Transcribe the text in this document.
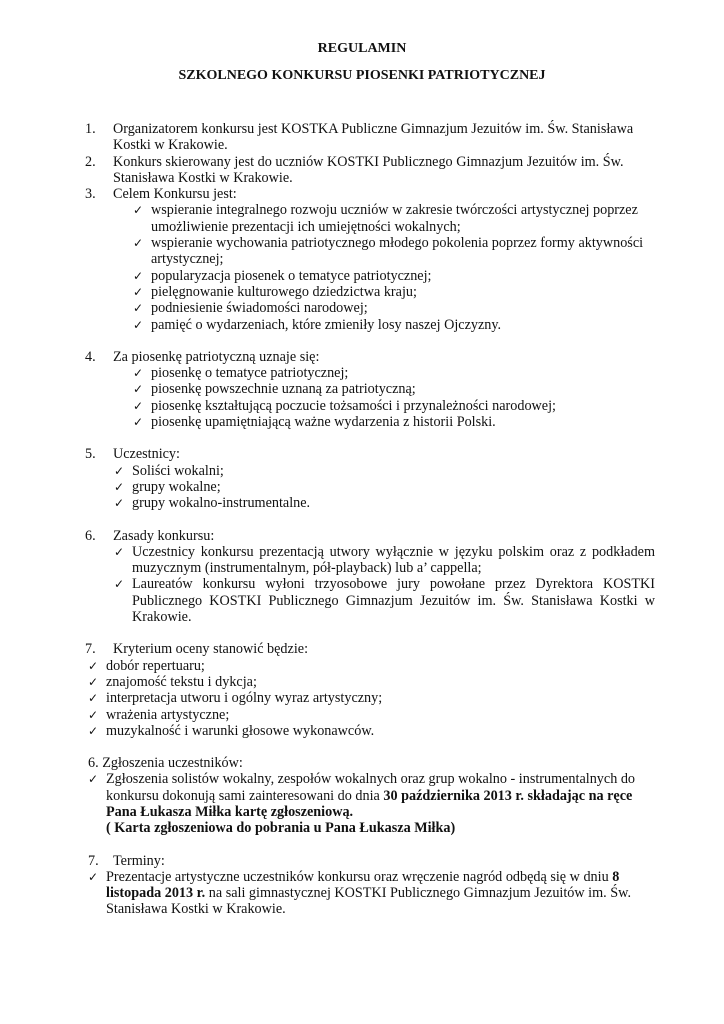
REGULAMIN
SZKOLNEGO KONKURSU PIOSENKI PATRIOTYCZNEJ
1.	Organizatorem konkursu jest KOSTKA Publiczne Gimnazjum Jezuitów im. Św. Stanisława Kostki w Krakowie.
2.	Konkurs skierowany jest do uczniów KOSTKI Publicznego Gimnazjum Jezuitów im. Św. Stanisława Kostki w Krakowie.
3.	Celem Konkursu jest:
✓ wspieranie integralnego rozwoju uczniów w zakresie twórczości artystycznej poprzez umożliwienie prezentacji ich umiejętności wokalnych;
✓ wspieranie wychowania patriotycznego młodego pokolenia poprzez formy aktywności artystycznej;
✓ popularyzacja piosenek o tematyce patriotycznej;
✓ pielęgnowanie kulturowego dziedzictwa kraju;
✓ podniesienie świadomości narodowej;
✓ pamięć o wydarzeniach, które zmieniły losy naszej Ojczyzny.
4.	Za piosenkę patriotyczną uznaje się:
✓ piosenkę o tematyce patriotycznej;
✓ piosenkę powszechnie uznaną za patriotyczną;
✓ piosenkę kształtującą poczucie tożsamości i przynależności narodowej;
✓ piosenkę upamiętniającą ważne wydarzenia z historii Polski.
5.	Uczestnicy:
✓ Soliści wokalni;
✓ grupy wokalne;
✓ grupy wokalno-instrumentalne.
6.	Zasady konkursu:
✓ Uczestnicy konkursu prezentacją utwory wyłącznie w języku polskim oraz z podkładem muzycznym (instrumentalnym, pół-playback) lub a’ cappella;
✓ Laureatów konkursu wyłoni trzyosobowe jury powołane przez Dyrektora KOSTKI Publicznego KOSTKI Publicznego Gimnazjum Jezuitów im. Św. Stanisława Kostki w Krakowie.
7.	Kryterium oceny stanowić będzie:
✓ dobór repertuaru;
✓ znajomość tekstu i dykcja;
✓ interpretacja utworu i ogólny wyraz artystyczny;
✓ wrażenia artystyczne;
✓ muzykalność i warunki głosowe wykonawców.
6. Zgłoszenia uczestników:
✓ Zgłoszenia solistów wokalny, zespołów wokalnych oraz grup wokalno - instrumentalnych do konkursu dokonują sami zainteresowani do dnia 30 października 2013 r. składając na ręce Pana Łukasza Miłka kartę zgłoszeniową.
( Karta zgłoszeniowa do pobrania u Pana Łukasza Miłka)
7.	Terminy:
✓ Prezentacje artystyczne uczestników konkursu oraz wręczenie nagród odbędą się w dniu 8 listopada 2013 r. na sali gimnastycznej KOSTKI Publicznego Gimnazjum Jezuitów im. Św. Stanisława Kostki w Krakowie.
